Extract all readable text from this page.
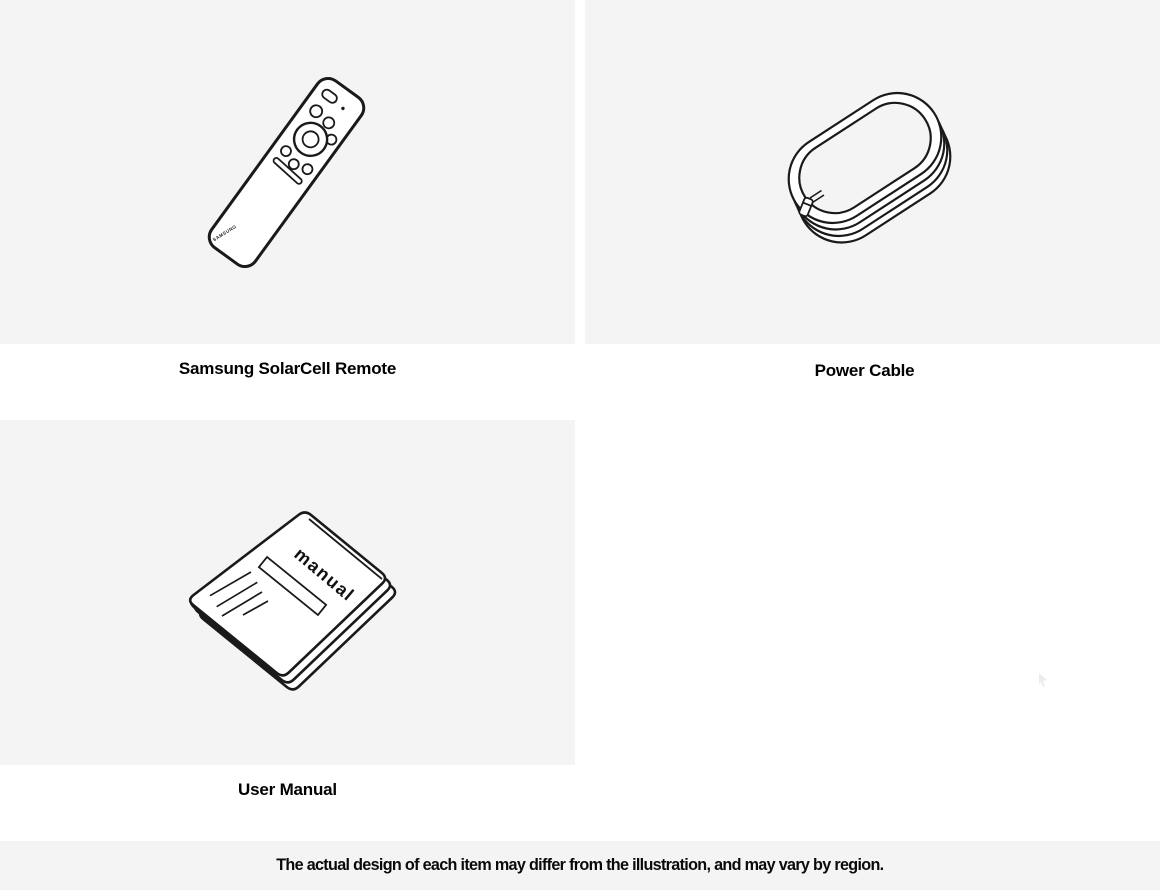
SAMSUNG
Samsung SolarCell Remote	Power Cable
manual
User Manual

The actual design of each item may differ from the illustration, and may vary by region.
